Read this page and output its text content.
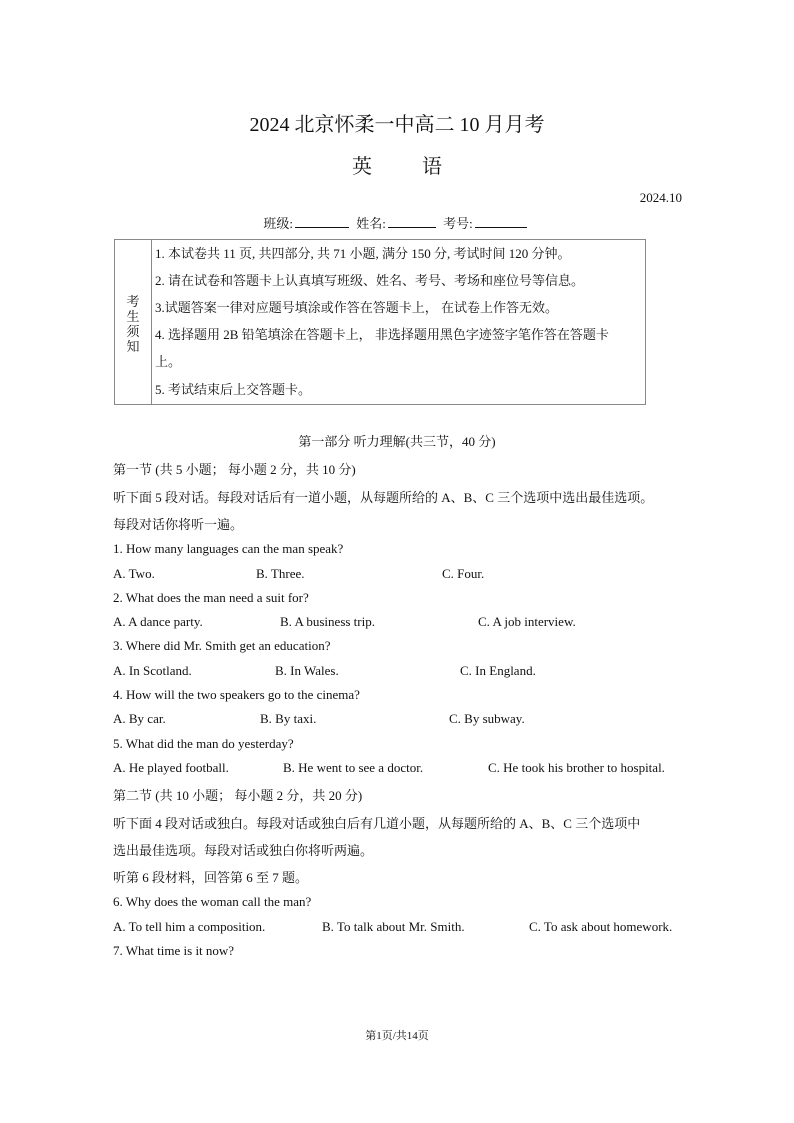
2024 北京怀柔一中高二 10 月月考
英	语
2024.10
班级:	姓名:	考号:
考
生
须
知
1. 本试卷共 11 页, 共四部分, 共 71 小题, 满分 150 分, 考试时间 120 分钟。
2. 请在试卷和答题卡上认真填写班级、姓名、考号、考场和座位号等信息。
3.试题答案一律对应题号填涂或作答在答题卡上， 在试卷上作答无效。
4. 选择题用 2B 铅笔填涂在答题卡上， 非选择题用黑色字迹签字笔作答在答题卡
上。
5. 考试结束后上交答题卡。
第一部分 听力理解(共三节，40 分)
第一节 (共 5 小题； 每小题 2 分，共 10 分)
听下面 5 段对话。每段对话后有一道小题，从每题所给的 A、B、C 三个选项中选出最佳选项。
每段对话你将听一遍。
1. How many languages can the man speak?
A. Two.	B. Three.	C. Four.
2. What does the man need a suit for?
A. A dance party.	B. A business trip.	C. A job interview.
3. Where did Mr. Smith get an education?
A. In Scotland.	B. In Wales.	C. In England.
4. How will the two speakers go to the cinema?
A. By car.	B. By taxi.	C. By subway.
5. What did the man do yesterday?
A. He played football.	B. He went to see a doctor.	C. He took his brother to hospital.
第二节 (共 10 小题； 每小题 2 分，共 20 分)
听下面 4 段对话或独白。每段对话或独白后有几道小题，从每题所给的 A、B、C 三个选项中
选出最佳选项。每段对话或独白你将听两遍。
听第 6 段材料，回答第 6 至 7 题。
6. Why does the woman call the man?
A. To tell him a composition.	B. To talk about Mr. Smith.	C. To ask about homework.
7. What time is it now?
第1页/共14页
